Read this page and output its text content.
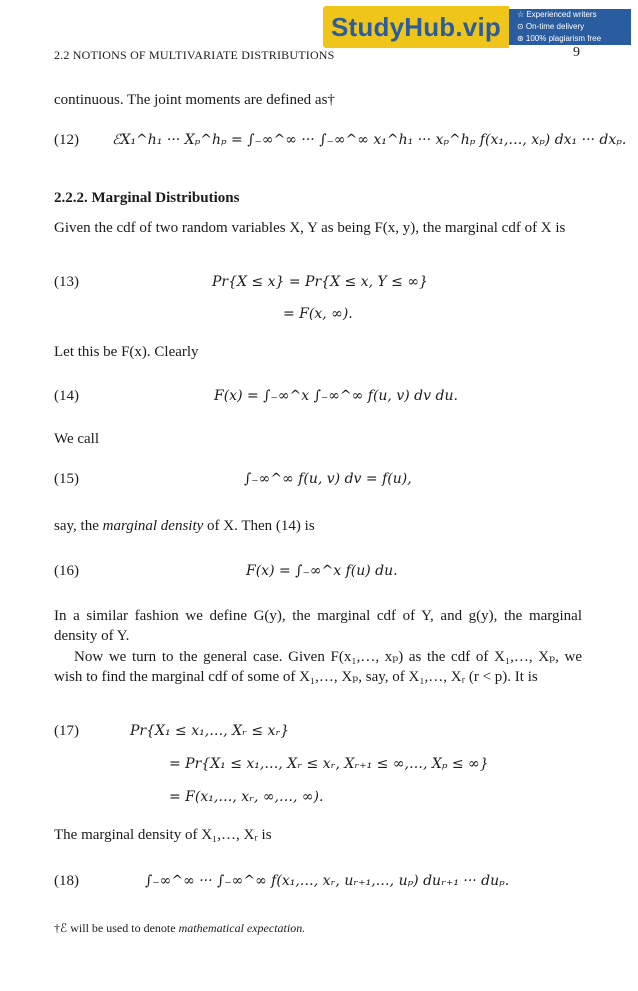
StudyHub.vip	☆ Experienced writers
⊙ On-time delivery
⊛ 100% plagiarism free
2.2 NOTIONS OF MULTIVARIATE DISTRIBUTIONS	9
continuous. The joint moments are defined as†
(12) ℰX₁^h₁ ··· Xₚ^hₚ = ∫₋∞^∞ ··· ∫₋∞^∞ x₁^h₁ ··· xₚ^hₚ f(x₁,…, xₚ) dx₁ ··· dxₚ.
2.2.2. Marginal Distributions
Given the cdf of two random variables X, Y as being F(x, y), the marginal cdf of X is
(13)	Pr{X ≤ x} = Pr{X ≤ x, Y ≤ ∞}
= F(x, ∞).
Let this be F(x). Clearly
(14)	F(x) = ∫₋∞^x ∫₋∞^∞ f(u, v) dv du.
We call
(15)	∫₋∞^∞ f(u, v) dv = f(u),
say, the marginal density of X. Then (14) is
(16)	F(x) = ∫₋∞^x f(u) du.
In a similar fashion we define G(y), the marginal cdf of Y, and g(y), the marginal density of Y.
Now we turn to the general case. Given F(x₁,…, xₚ) as the cdf of X₁,…, Xₚ, we wish to find the marginal cdf of some of X₁,…, Xₚ, say, of X₁,…, Xᵣ (r < p). It is
(17)	Pr{X₁ ≤ x₁,…, Xᵣ ≤ xᵣ}
= Pr{X₁ ≤ x₁,…, Xᵣ ≤ xᵣ, Xᵣ₊₁ ≤ ∞,…, Xₚ ≤ ∞}
= F(x₁,…, xᵣ, ∞,…, ∞).
The marginal density of X₁,…, Xᵣ is
(18)	∫₋∞^∞ ··· ∫₋∞^∞ f(x₁,…, xᵣ, uᵣ₊₁,…, uₚ) duᵣ₊₁ ··· duₚ.
†ℰ will be used to denote mathematical expectation.
